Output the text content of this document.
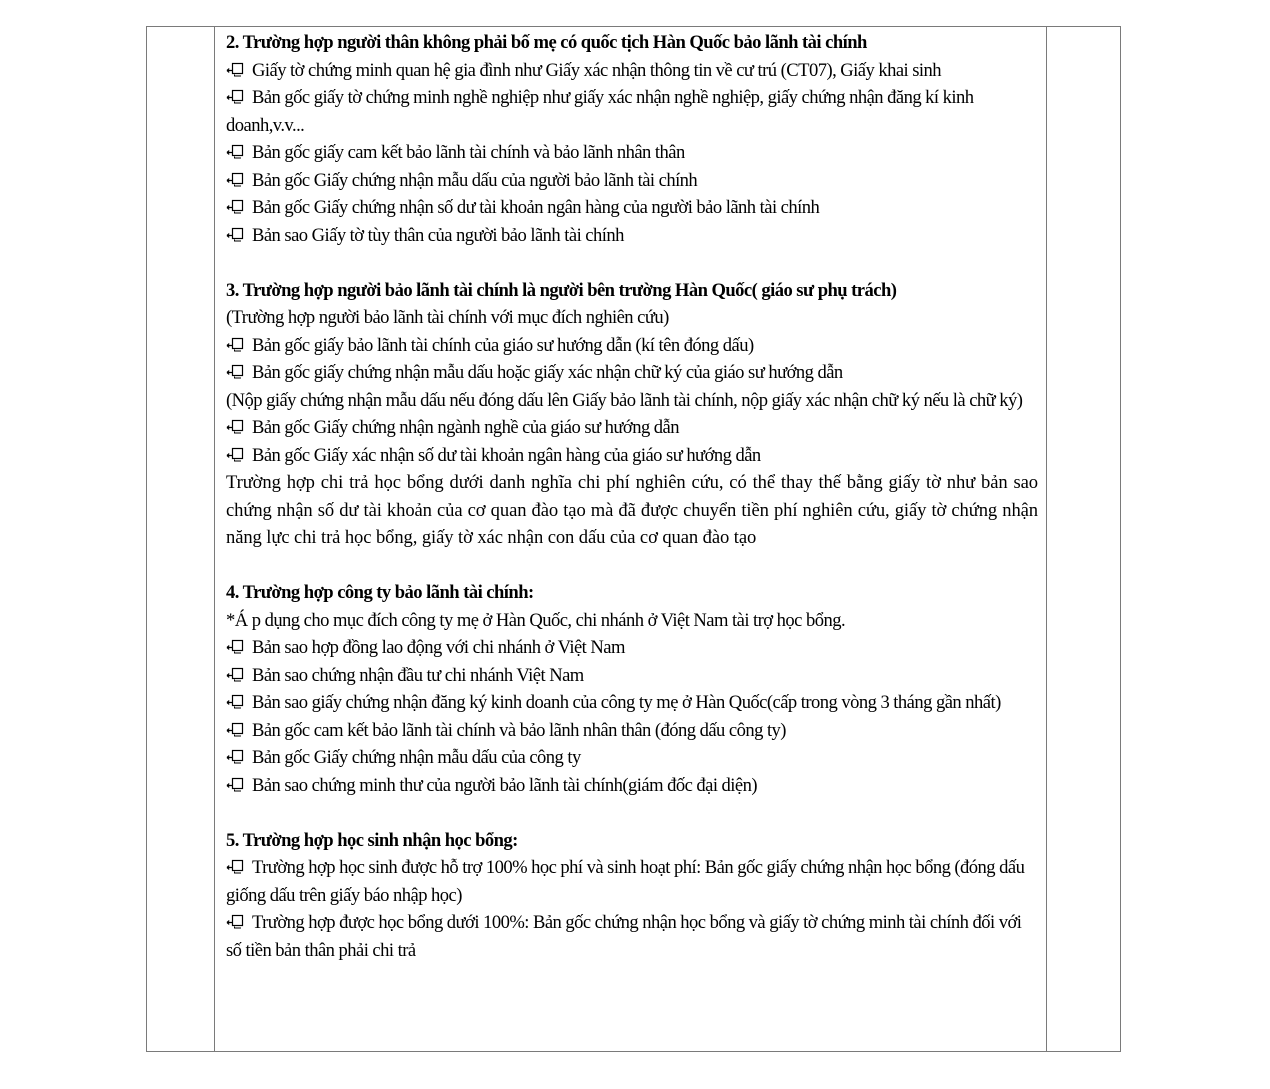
2. Trường hợp người thân không phải bố mẹ có quốc tịch Hàn Quốc bảo lãnh tài chính
Giấy tờ chứng minh quan hệ gia đình như Giấy xác nhận thông tin về cư trú (CT07), Giấy khai sinh
Bản gốc giấy tờ chứng minh nghề nghiệp như giấy xác nhận nghề nghiệp, giấy chứng nhận đăng kí kinh doanh,v.v...
Bản gốc giấy cam kết bảo lãnh tài chính và bảo lãnh nhân thân
Bản gốc Giấy chứng nhận mẫu dấu của người bảo lãnh tài chính
Bản gốc Giấy chứng nhận số dư tài khoản ngân hàng của người bảo lãnh tài chính
Bản sao Giấy tờ tùy thân của người bảo lãnh tài chính
3. Trường hợp người bảo lãnh tài chính là người bên trường Hàn Quốc( giáo sư phụ trách)
(Trường hợp người bảo lãnh tài chính với mục đích nghiên cứu)
Bản gốc giấy bảo lãnh tài chính của giáo sư hướng dẫn (kí tên đóng dấu)
Bản gốc giấy chứng nhận mẫu dấu hoặc giấy xác nhận chữ ký của giáo sư hướng dẫn
(Nộp giấy chứng nhận mẫu dấu nếu đóng dấu lên Giấy bảo lãnh tài chính, nộp giấy xác nhận chữ ký nếu là chữ ký)
Bản gốc Giấy chứng nhận ngành nghề của giáo sư hướng dẫn
Bản gốc Giấy xác nhận số dư tài khoản ngân hàng của giáo sư hướng dẫn
Trường hợp chi trả học bổng dưới danh nghĩa chi phí nghiên cứu, có thể thay thế bằng giấy tờ như bản sao chứng nhận số dư tài khoản của cơ quan đào tạo mà đã được chuyển tiền phí nghiên cứu, giấy tờ chứng nhận năng lực chi trả học bổng, giấy tờ xác nhận con dấu của cơ quan đào tạo
4. Trường hợp công ty bảo lãnh tài chính:
*Á p dụng cho mục đích công ty mẹ ở Hàn Quốc, chi nhánh ở Việt Nam tài trợ học bổng.
Bản sao hợp đồng lao động với chi nhánh ở Việt Nam
Bản sao chứng nhận đầu tư chi nhánh Việt Nam
Bản sao giấy chứng nhận đăng ký kinh doanh của công ty mẹ ở Hàn Quốc(cấp trong vòng 3 tháng gần nhất)
Bản gốc cam kết bảo lãnh tài chính và bảo lãnh nhân thân (đóng dấu công ty)
Bản gốc Giấy chứng nhận mẫu dấu của công ty
Bản sao chứng minh thư của người bảo lãnh tài chính(giám đốc đại diện)
5. Trường hợp học sinh nhận học bổng:
Trường hợp học sinh được hỗ trợ 100% học phí và sinh hoạt phí: Bản gốc giấy chứng nhận học bổng (đóng dấu giống dấu trên giấy báo nhập học)
Trường hợp được học bổng dưới 100%: Bản gốc chứng nhận học bổng và giấy tờ chứng minh tài chính đối với số tiền bản thân phải chi trả
